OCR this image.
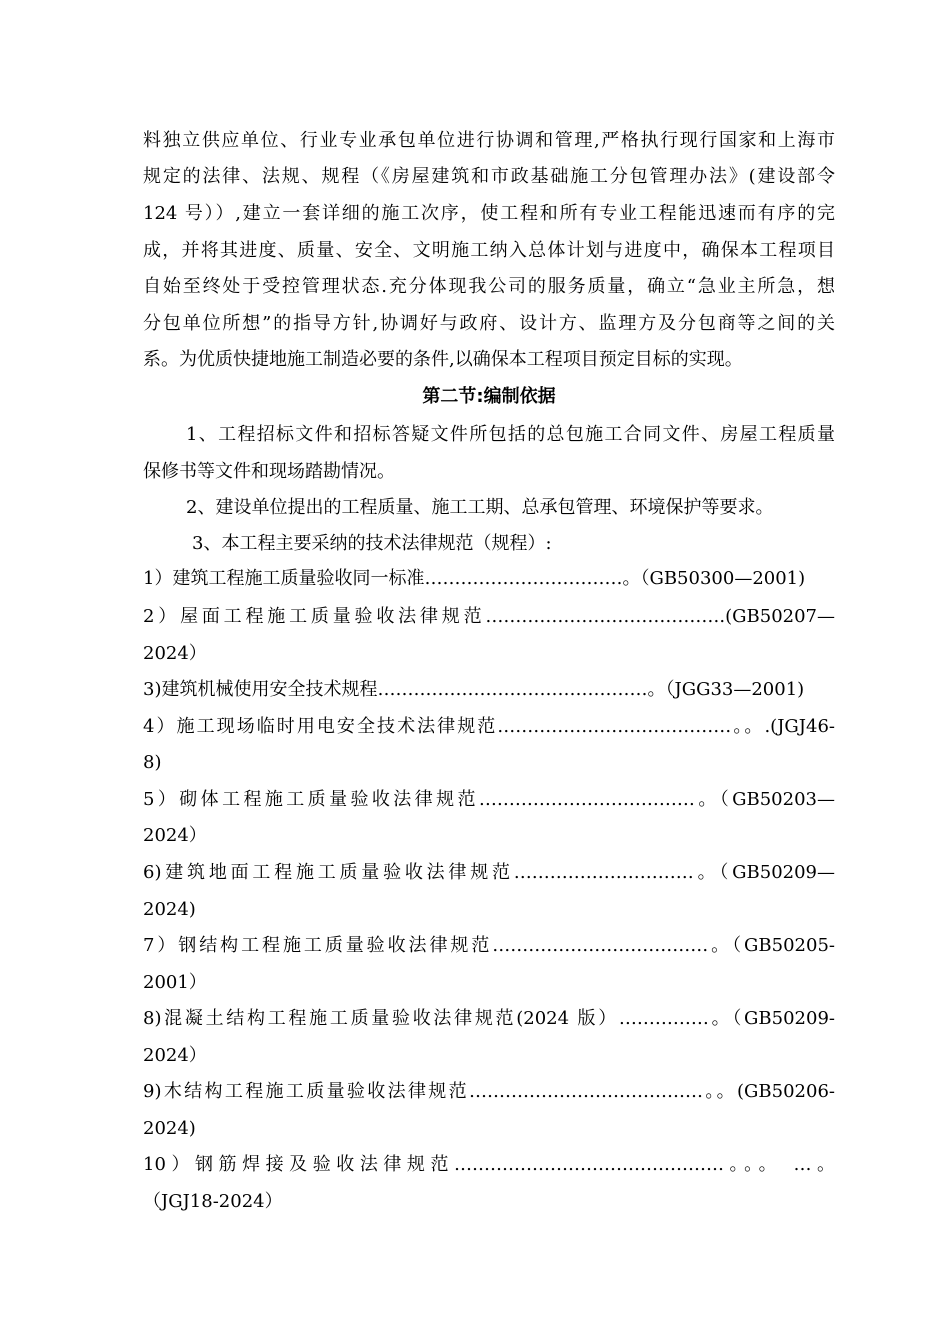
料独立供应单位、行业专业承包单位进行协调和管理,严格执行现行国家和上海市
规定的法律、法规、规程（《房屋建筑和市政基础施工分包管理办法》(建设部令
124 号））,建立一套详细的施工次序，使工程和所有专业工程能迅速而有序的完
成，并将其进度、质量、安全、文明施工纳入总体计划与进度中，确保本工程项目
自始至终处于受控管理状态.充分体现我公司的服务质量，确立“急业主所急，想
分包单位所想”的指导方针,协调好与政府、设计方、监理方及分包商等之间的关
系。为优质快捷地施工制造必要的条件,以确保本工程项目预定目标的实现。
第二节:编制依据
1、工程招标文件和招标答疑文件所包括的总包施工合同文件、房屋工程质量
保修书等文件和现场踏勘情况。
2、建设单位提出的工程质量、施工工期、总承包管理、环境保护等要求。
3、本工程主要采纳的技术法律规范（规程）:
1）建筑工程施工质量验收同一标准……………………………。（GB50300—2001)
2）屋面工程施工质量验收法律规范………………………………….(GB50207—
2024）
3)建筑机械使用安全技术规程………………………………………。（JGG33—2001)
4）施工现场临时用电安全技术法律规范…………………………………。。.(JGJ46-
8)
5）砌体工程施工质量验收法律规范………………………………。（GB50203—
2024）
6)建筑地面工程施工质量验收法律规范…………………………。（GB50209—
2024)
7）钢结构工程施工质量验收法律规范………………………………。（GB50205-
2001）
8)混凝土结构工程施工质量验收法律规范(2024 版）……………。（GB50209-
2024）
9)木结构工程施工质量验收法律规范…………………………………。。(GB50206-
2024)
10）钢筋焊接及验收法律规范………………………………………。。。 …。
（JGJ18-2024）
